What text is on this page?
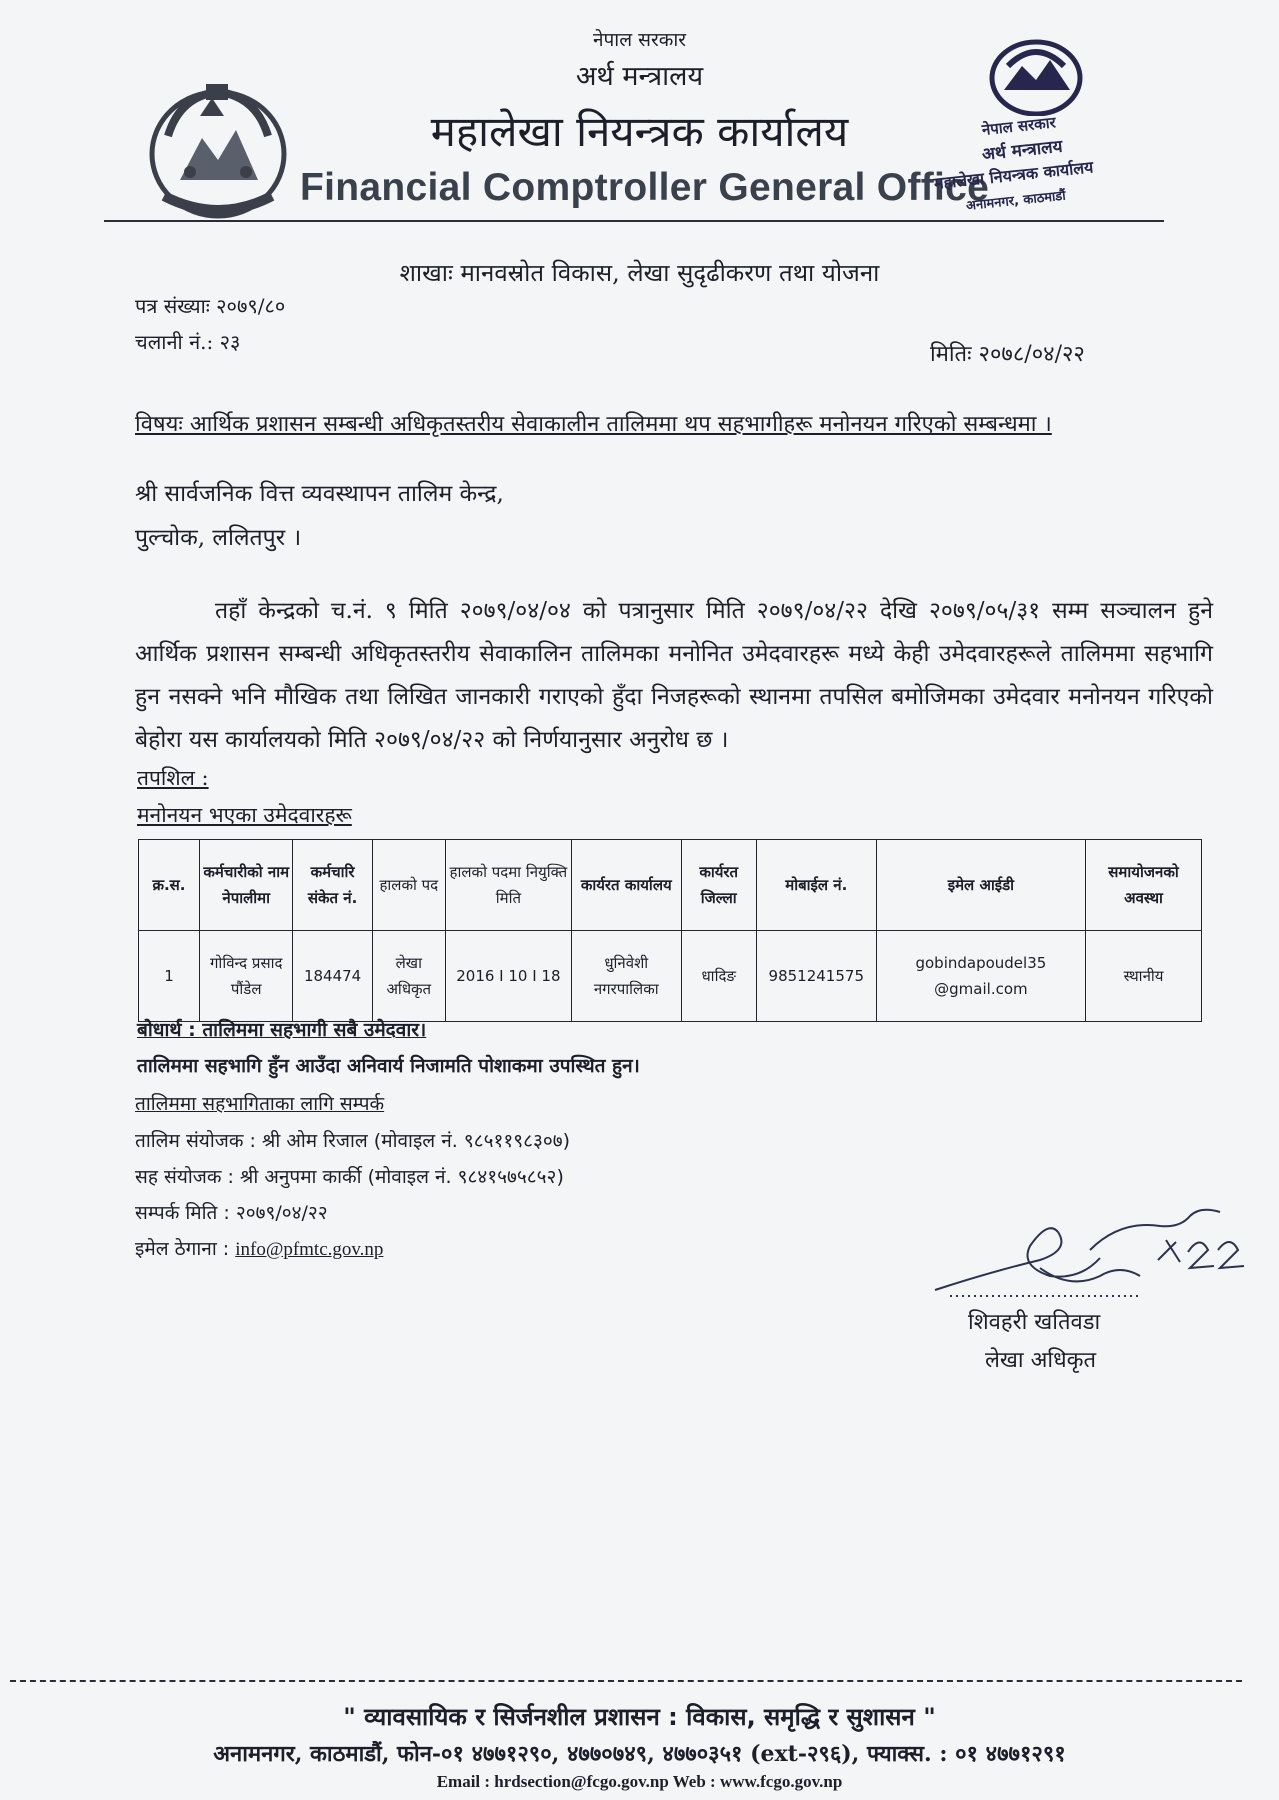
नेपाल सरकार
अर्थ मन्त्रालय
महालेखा नियन्त्रक कार्यालय
Financial Comptroller General Office
नेपाल सरकार
अर्थ मन्त्रालय
महालेखा नियन्त्रक कार्यालय
अनामनगर, काठमाडौं
शाखाः मानवस्रोत विकास, लेखा सुदृढीकरण तथा योजना
पत्र संख्याः २०७९/८०
चलानी नं.: २३	मितिः २०७८/०४/२२
विषयः आर्थिक प्रशासन सम्बन्धी अधिकृतस्तरीय सेवाकालीन तालिममा थप सहभागीहरू मनोनयन गरिएको सम्बन्धमा ।
श्री सार्वजनिक वित्त व्यवस्थापन तालिम केन्द्र,
पुल्चोक, ललितपुर ।
तहाँ केन्द्रको च.नं. ९ मिति २०७९/०४/०४ को पत्रानुसार मिति २०७९/०४/२२ देखि २०७९/०५/३१ सम्म सञ्चालन हुने आर्थिक प्रशासन सम्बन्धी अधिकृतस्तरीय सेवाकालिन तालिमका मनोनित उमेदवारहरू मध्ये केही उमेदवारहरूले तालिममा सहभागि हुन नसक्ने भनि मौखिक तथा लिखित जानकारी गराएको हुँदा निजहरूको स्थानमा तपसिल बमोजिमका उमेदवार मनोनयन गरिएको बेहोरा यस कार्यालयको मिति २०७९/०४/२२ को निर्णयानुसार अनुरोध छ ।
तपशिल :
मनोनयन भएका उमेदवारहरू
क्र.स.	कर्मचारीको नाम नेपालीमा	कर्मचारि संकेत नं.	हालको पद	हालको पदमा नियुक्ति मिति	कार्यरत कार्यालय	कार्यरत जिल्ला	मोबाईल नं.	इमेल आईडी	समायोजनको अवस्था
1	गोविन्द प्रसाद पौंडेल	184474	लेखा अधिकृत	2016 I 10 I 18	धुनिवेशी नगरपालिका	धादिङ	9851241575	gobindapoudel35 @gmail.com	स्थानीय
बोधार्थ : तालिममा सहभागी सबै उमेदवार।
तालिममा सहभागि हुँन आउँदा अनिवार्य निजामति पोशाकमा उपस्थित हुन।
तालिममा सहभागिताका लागि सम्पर्क
तालिम संयोजक : श्री ओम रिजाल (मोवाइल नं. ९८५११९८३०७)
सह संयोजक : श्री अनुपमा कार्की (मोवाइल नं. ९८४१५७५८५२)
सम्पर्क मिति : २०७९/०४/२२
इमेल ठेगाना : info@pfmtc.gov.np
शिवहरी खतिवडा
लेखा अधिकृत
" व्यावसायिक र सिर्जनशील प्रशासन : विकास, समृद्धि र सुशासन "
अनामनगर, काठमाडौं, फोन-०१ ४७७१२९०, ४७७०७४९, ४७७०३५१ (ext-२९६), फ्याक्स. : ०१ ४७७१२९१
Email : hrdsection@fcgo.gov.np Web : www.fcgo.gov.np
